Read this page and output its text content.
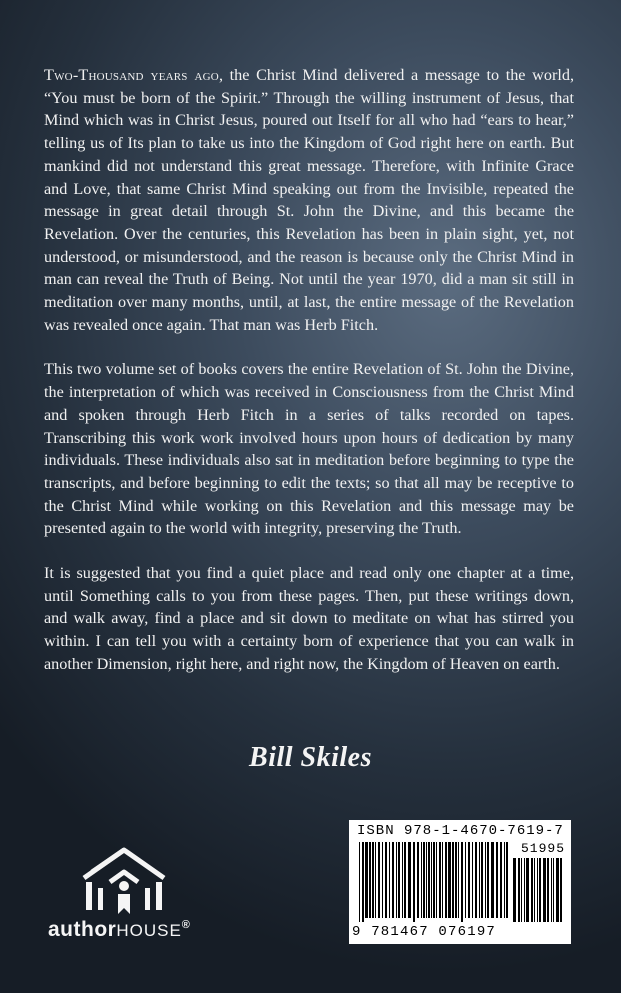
Two-Thousand years ago, the Christ Mind delivered a message to the world, “You must be born of the Spirit.” Through the willing instrument of Jesus, that Mind which was in Christ Jesus, poured out Itself for all who had “ears to hear,” telling us of Its plan to take us into the Kingdom of God right here on earth. But mankind did not understand this great message. Therefore, with Infinite Grace and Love, that same Christ Mind speaking out from the Invisible, repeated the message in great detail through St. John the Divine, and this became the Revelation. Over the centuries, this Revelation has been in plain sight, yet, not understood, or misunderstood, and the reason is because only the Christ Mind in man can reveal the Truth of Being. Not until the year 1970, did a man sit still in meditation over many months, until, at last, the entire message of the Revelation was revealed once again. That man was Herb Fitch.

This two volume set of books covers the entire Revelation of St. John the Divine, the interpretation of which was received in Consciousness from the Christ Mind and spoken through Herb Fitch in a series of talks recorded on tapes. Transcribing this work work involved hours upon hours of dedication by many individuals. These individuals also sat in meditation before beginning to type the transcripts, and before beginning to edit the texts; so that all may be receptive to the Christ Mind while working on this Revelation and this message may be presented again to the world with integrity, preserving the Truth.

It is suggested that you find a quiet place and read only one chapter at a time, until Something calls to you from these pages. Then, put these writings down, and walk away, find a place and sit down to meditate on what has stirred you within. I can tell you with a certainty born of experience that you can walk in another Dimension, right here, and right now, the Kingdom of Heaven on earth.

Bill Skiles
authorHOUSE®
ISBN 978-1-4670-7619-7
51995
9 781467 076197
